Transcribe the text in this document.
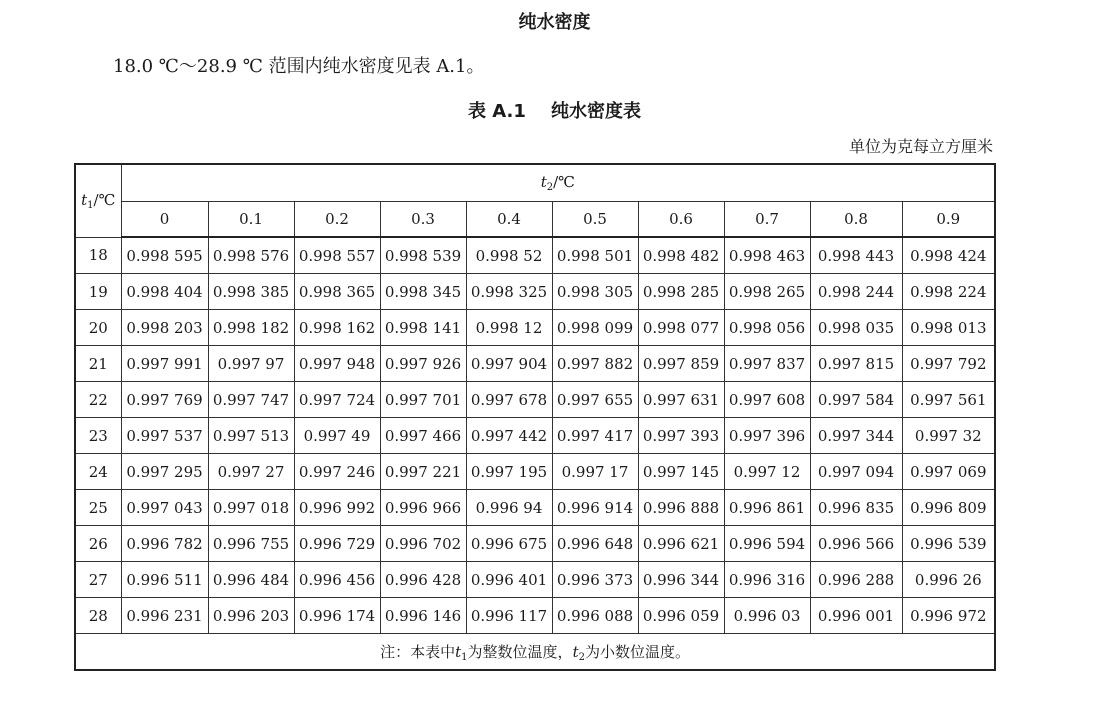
纯水密度
18.0 ℃～28.9 ℃ 范围内纯水密度见表 A.1。
表 A.1    纯水密度表
单位为克每立方厘米
$t_1/℃$	$t_2/℃$									
	0	0.1	0.2	0.3	0.4	0.5	0.6	0.7	0.8	0.9
18	0.998 595	0.998 576	0.998 557	0.998 539	0.998 52	0.998 501	0.998 482	0.998 463	0.998 443	0.998 424
19	0.998 404	0.998 385	0.998 365	0.998 345	0.998 325	0.998 305	0.998 285	0.998 265	0.998 244	0.998 224
20	0.998 203	0.998 182	0.998 162	0.998 141	0.998 12	0.998 099	0.998 077	0.998 056	0.998 035	0.998 013
21	0.997 991	0.997 97	0.997 948	0.997 926	0.997 904	0.997 882	0.997 859	0.997 837	0.997 815	0.997 792
22	0.997 769	0.997 747	0.997 724	0.997 701	0.997 678	0.997 655	0.997 631	0.997 608	0.997 584	0.997 561
23	0.997 537	0.997 513	0.997 49	0.997 466	0.997 442	0.997 417	0.997 393	0.997 396	0.997 344	0.997 32
24	0.997 295	0.997 27	0.997 246	0.997 221	0.997 195	0.997 17	0.997 145	0.997 12	0.997 094	0.997 069
25	0.997 043	0.997 018	0.996 992	0.996 966	0.996 94	0.996 914	0.996 888	0.996 861	0.996 835	0.996 809
26	0.996 782	0.996 755	0.996 729	0.996 702	0.996 675	0.996 648	0.996 621	0.996 594	0.996 566	0.996 539
27	0.996 511	0.996 484	0.996 456	0.996 428	0.996 401	0.996 373	0.996 344	0.996 316	0.996 288	0.996 26
28	0.996 231	0.996 203	0.996 174	0.996 146	0.996 117	0.996 088	0.996 059	0.996 03	0.996 001	0.996 972
注：本表中$t_1$为整数位温度，$t_2$为小数位温度。										
